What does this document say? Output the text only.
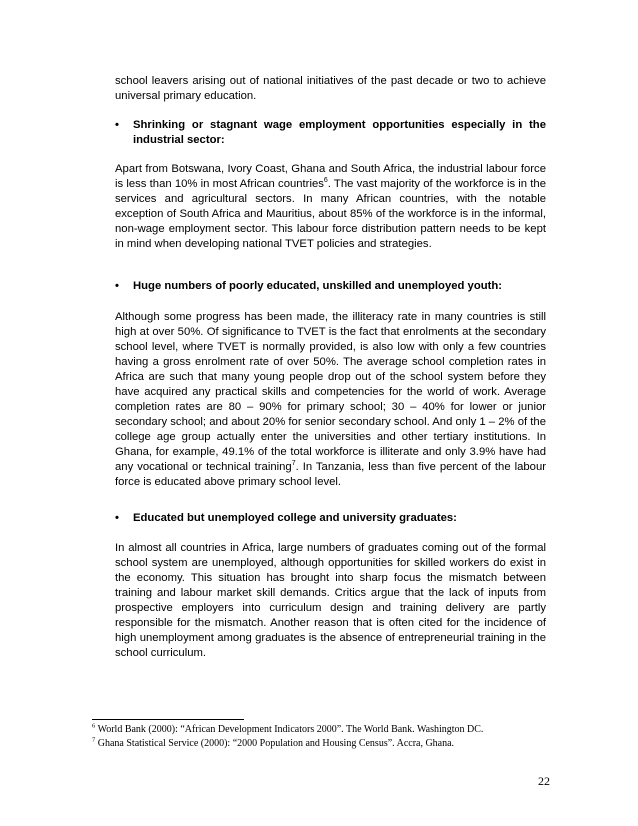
school leavers arising out of national initiatives of the past decade or two to achieve universal primary education.

• Shrinking or stagnant wage employment opportunities especially in the industrial sector:

Apart from Botswana, Ivory Coast, Ghana and South Africa, the industrial labour force is less than 10% in most African countries$^6$. The vast majority of the workforce is in the services and agricultural sectors. In many African countries, with the notable exception of South Africa and Mauritius, about 85% of the workforce is in the informal, non-wage employment sector. This labour force distribution pattern needs to be kept in mind when developing national TVET policies and strategies.

• Huge numbers of poorly educated, unskilled and unemployed youth:

Although some progress has been made, the illiteracy rate in many countries is still high at over 50%. Of significance to TVET is the fact that enrolments at the secondary school level, where TVET is normally provided, is also low with only a few countries having a gross enrolment rate of over 50%. The average school completion rates in Africa are such that many young people drop out of the school system before they have acquired any practical skills and competencies for the world of work. Average completion rates are 80 – 90% for primary school; 30 – 40% for lower or junior secondary school; and about 20% for senior secondary school. And only 1 – 2% of the college age group actually enter the universities and other tertiary institutions. In Ghana, for example, 49.1% of the total workforce is illiterate and only 3.9% have had any vocational or technical training$^7$. In Tanzania, less than five percent of the labour force is educated above primary school level.

• Educated but unemployed college and university graduates:

In almost all countries in Africa, large numbers of graduates coming out of the formal school system are unemployed, although opportunities for skilled workers do exist in the economy. This situation has brought into sharp focus the mismatch between training and labour market skill demands. Critics argue that the lack of inputs from prospective employers into curriculum design and training delivery are partly responsible for the mismatch. Another reason that is often cited for the incidence of high unemployment among graduates is the absence of entrepreneurial training in the school curriculum.

$^6$ World Bank (2000): “African Development Indicators 2000”. The World Bank. Washington DC.

$^7$ Ghana Statistical Service (2000): “2000 Population and Housing Census”. Accra, Ghana.

22
